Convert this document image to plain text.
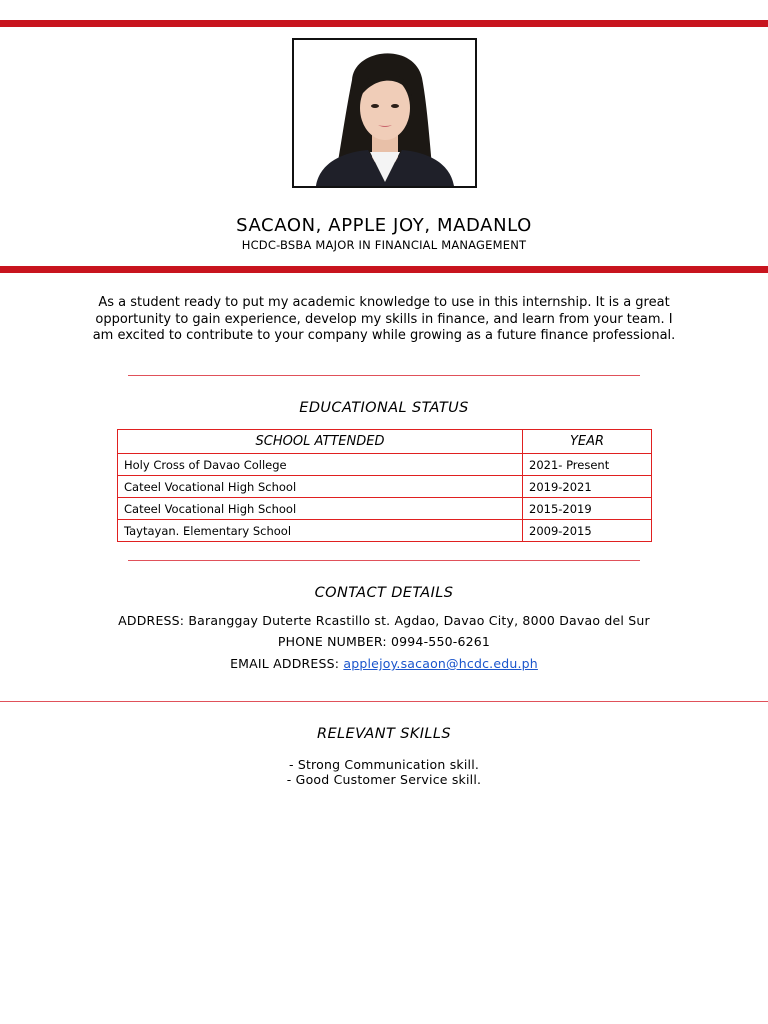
SACAON, APPLE JOY, MADANLO
HCDC-BSBA MAJOR IN FINANCIAL MANAGEMENT
As a student ready to put my academic knowledge to use in this internship. It is a great opportunity to gain experience, develop my skills in finance, and learn from your team. I am excited to contribute to your company while growing as a future finance professional.
EDUCATIONAL STATUS
SCHOOL ATTENDED	YEAR
Holy Cross of Davao College	2021- Present
Cateel Vocational High School	2019-2021
Cateel Vocational High School	2015-2019
Taytayan. Elementary School	2009-2015
CONTACT DETAILS
ADDRESS: Baranggay Duterte Rcastillo st. Agdao, Davao City, 8000 Davao del Sur
PHONE NUMBER: 0994-550-6261
EMAIL ADDRESS: applejoy.sacaon@hcdc.edu.ph
RELEVANT SKILLS
- Strong Communication skill.
- Good Customer Service skill.
